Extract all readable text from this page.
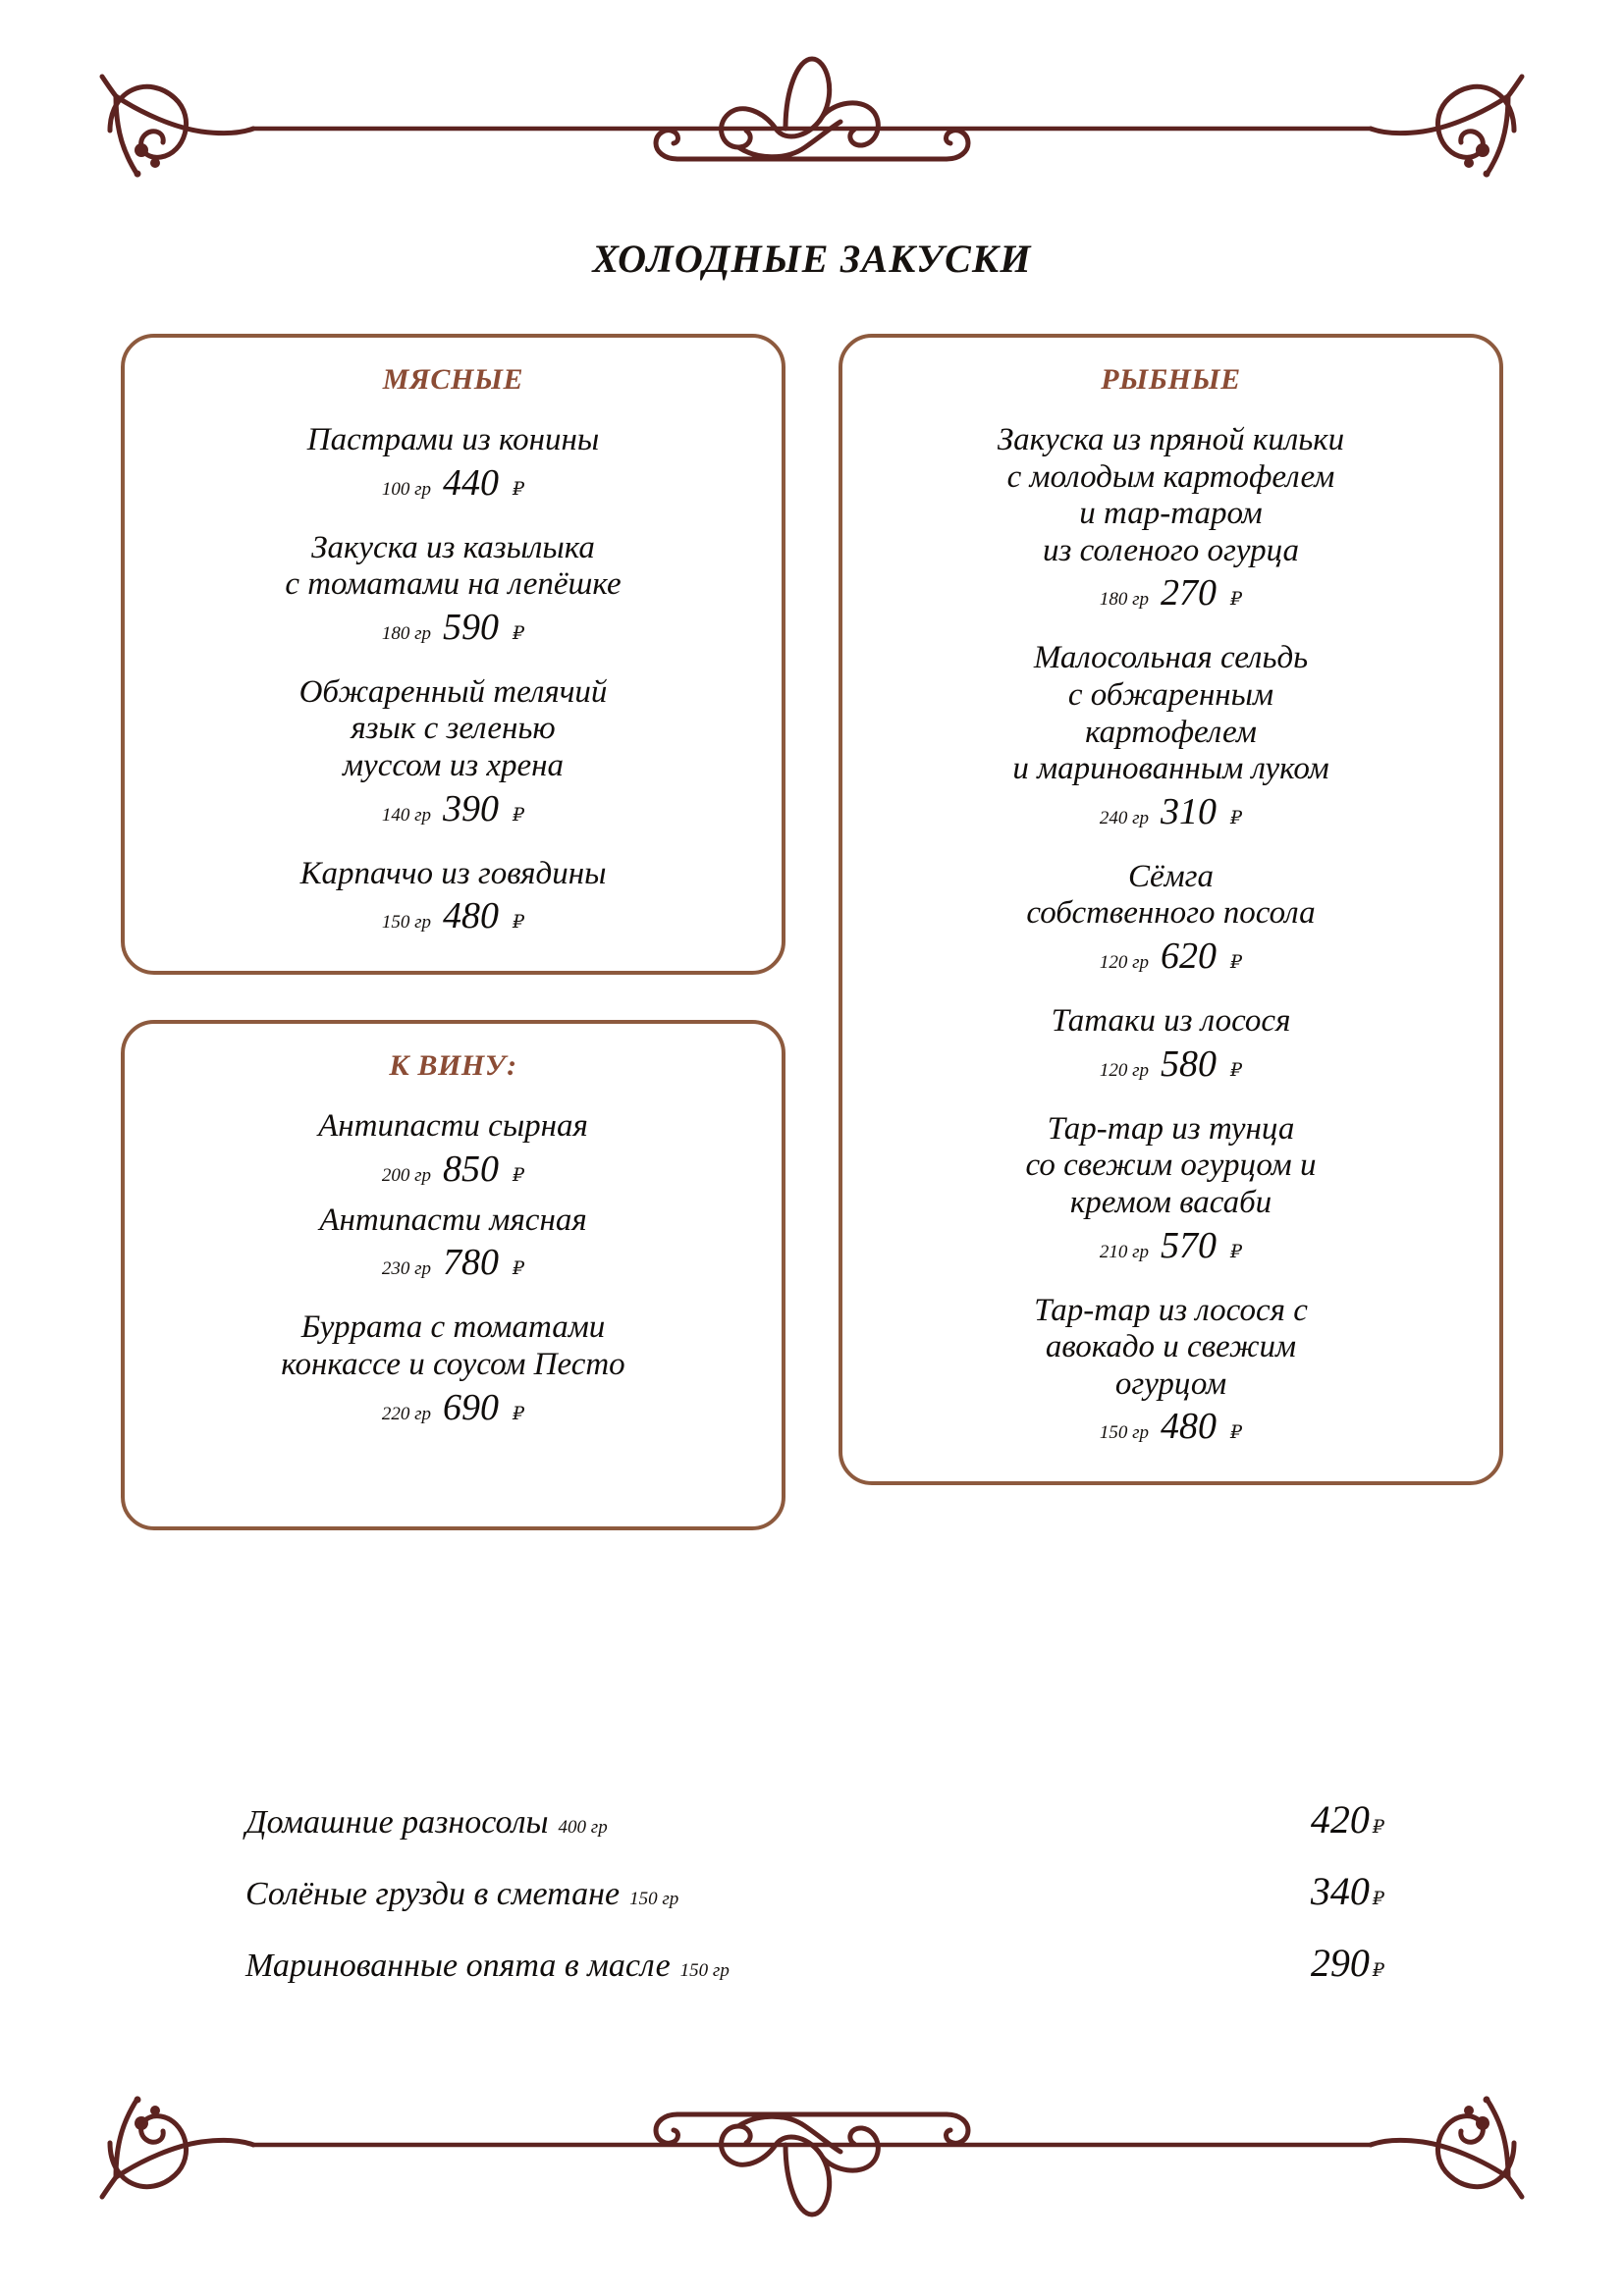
ХОЛОДНЫЕ ЗАКУСКИ
МЯСНЫЕ
Пастрами из конины
100 гр 440 ₽
Закуска из казылыка
с томатами на лепёшке
180 гр 590 ₽
Обжаренный телячий
язык с зеленью
муссом из хрена
140 гр 390 ₽
Карпаччо из говядины
150 гр 480 ₽
К ВИНУ:
Антипасти сырная
200 гр 850 ₽
Антипасти мясная
230 гр 780 ₽
Буррата с томатами
конкассе и соусом Песто
220 гр 690 ₽
РЫБНЫЕ
Закуска из пряной кильки
с молодым картофелем
и тар-таром
из соленого огурца
180 гр 270 ₽
Малосольная сельдь
с обжаренным
картофелем
и маринованным луком
240 гр 310 ₽
Сёмга
собственного посола
120 гр 620 ₽
Татаки из лосося
120 гр 580 ₽
Тар-тар из тунца
со свежим огурцом и
кремом васаби
210 гр 570 ₽
Тар-тар из лосося с
авокадо и свежим
огурцом
150 гр 480 ₽
Домашние разносолы 400 гр	420 ₽
Солёные грузди в сметане 150 гр	340 ₽
Маринованные опята в масле 150 гр	290 ₽
